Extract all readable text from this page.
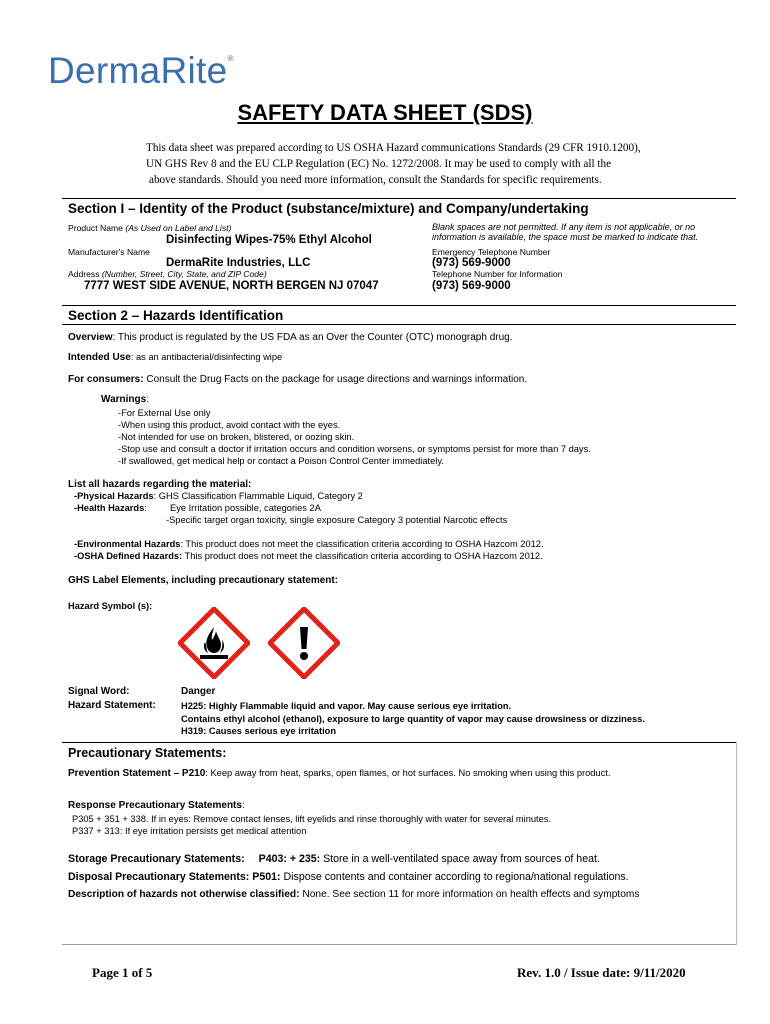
DermaRite®
SAFETY DATA SHEET (SDS)
This data sheet was prepared according to US OSHA Hazard communications Standards (29 CFR 1910.1200),
UN GHS Rev 8 and the EU CLP Regulation (EC) No. 1272/2008. It may be used to comply with all the
above standards. Should you need more information, consult the Standards for specific requirements.
Section I – Identity of the Product (substance/mixture) and Company/undertaking
Product Name (As Used on Label and List)
Disinfecting Wipes-75% Ethyl Alcohol
Blank spaces are not permitted. If any item is not applicable, or no
information is available, the space must be marked to indicate that.
Manufacturer's Name	Emergency Telephone Number
DermaRite Industries, LLC	(973) 569-9000
Address (Number, Street, City, State, and ZIP Code)	Telephone Number for Information
7777 WEST SIDE AVENUE, NORTH BERGEN NJ 07047	(973) 569-9000
Section 2 – Hazards Identification
Overview: This product is regulated by the US FDA as an Over the Counter (OTC) monograph drug.
Intended Use: as an antibacterial/disinfecting wipe
For consumers: Consult the Drug Facts on the package for usage directions and warnings information.
Warnings:
-For External Use only
-When using this product, avoid contact with the eyes.
-Not intended for use on broken, blistered, or oozing skin.
-Stop use and consult a doctor if irritation occurs and condition worsens, or symptoms persist for more than 7 days.
-If swallowed, get medical help or contact a Poison Control Center immediately.
List all hazards regarding the material:
-Physical Hazards: GHS Classification Flammable Liquid, Category 2
-Health Hazards: Eye Irritation possible, categories 2A
-Specific target organ toxicity, single exposure Category 3 potential Narcotic effects
-Environmental Hazards: This product does not meet the classification criteria according to OSHA Hazcom 2012.
-OSHA Defined Hazards: This product does not meet the classification criteria according to OSHA Hazcom 2012.
GHS Label Elements, including precautionary statement:
Hazard Symbol (s):
Signal Word:	Danger
Hazard Statement:	H225: Highly Flammable liquid and vapor. May cause serious eye irritation.
Contains ethyl alcohol (ethanol), exposure to large quantity of vapor may cause drowsiness or dizziness.
H319: Causes serious eye irritation
Precautionary Statements:
Prevention Statement – P210: Keep away from heat, sparks, open flames, or hot surfaces. No smoking when using this product.
Response Precautionary Statements:
P305 + 351 + 338. If in eyes: Remove contact lenses, lift eyelids and rinse thoroughly with water for several minutes.
P337 + 313: If eye irritation persists get medical attention
Storage Precautionary Statements: P403: + 235: Store in a well-ventilated space away from sources of heat.
Disposal Precautionary Statements: P501: Dispose contents and container according to regiona/national regulations.
Description of hazards not otherwise classified: None. See section 11 for more information on health effects and symptoms
Page 1 of 5	Rev. 1.0 / Issue date: 9/11/2020
